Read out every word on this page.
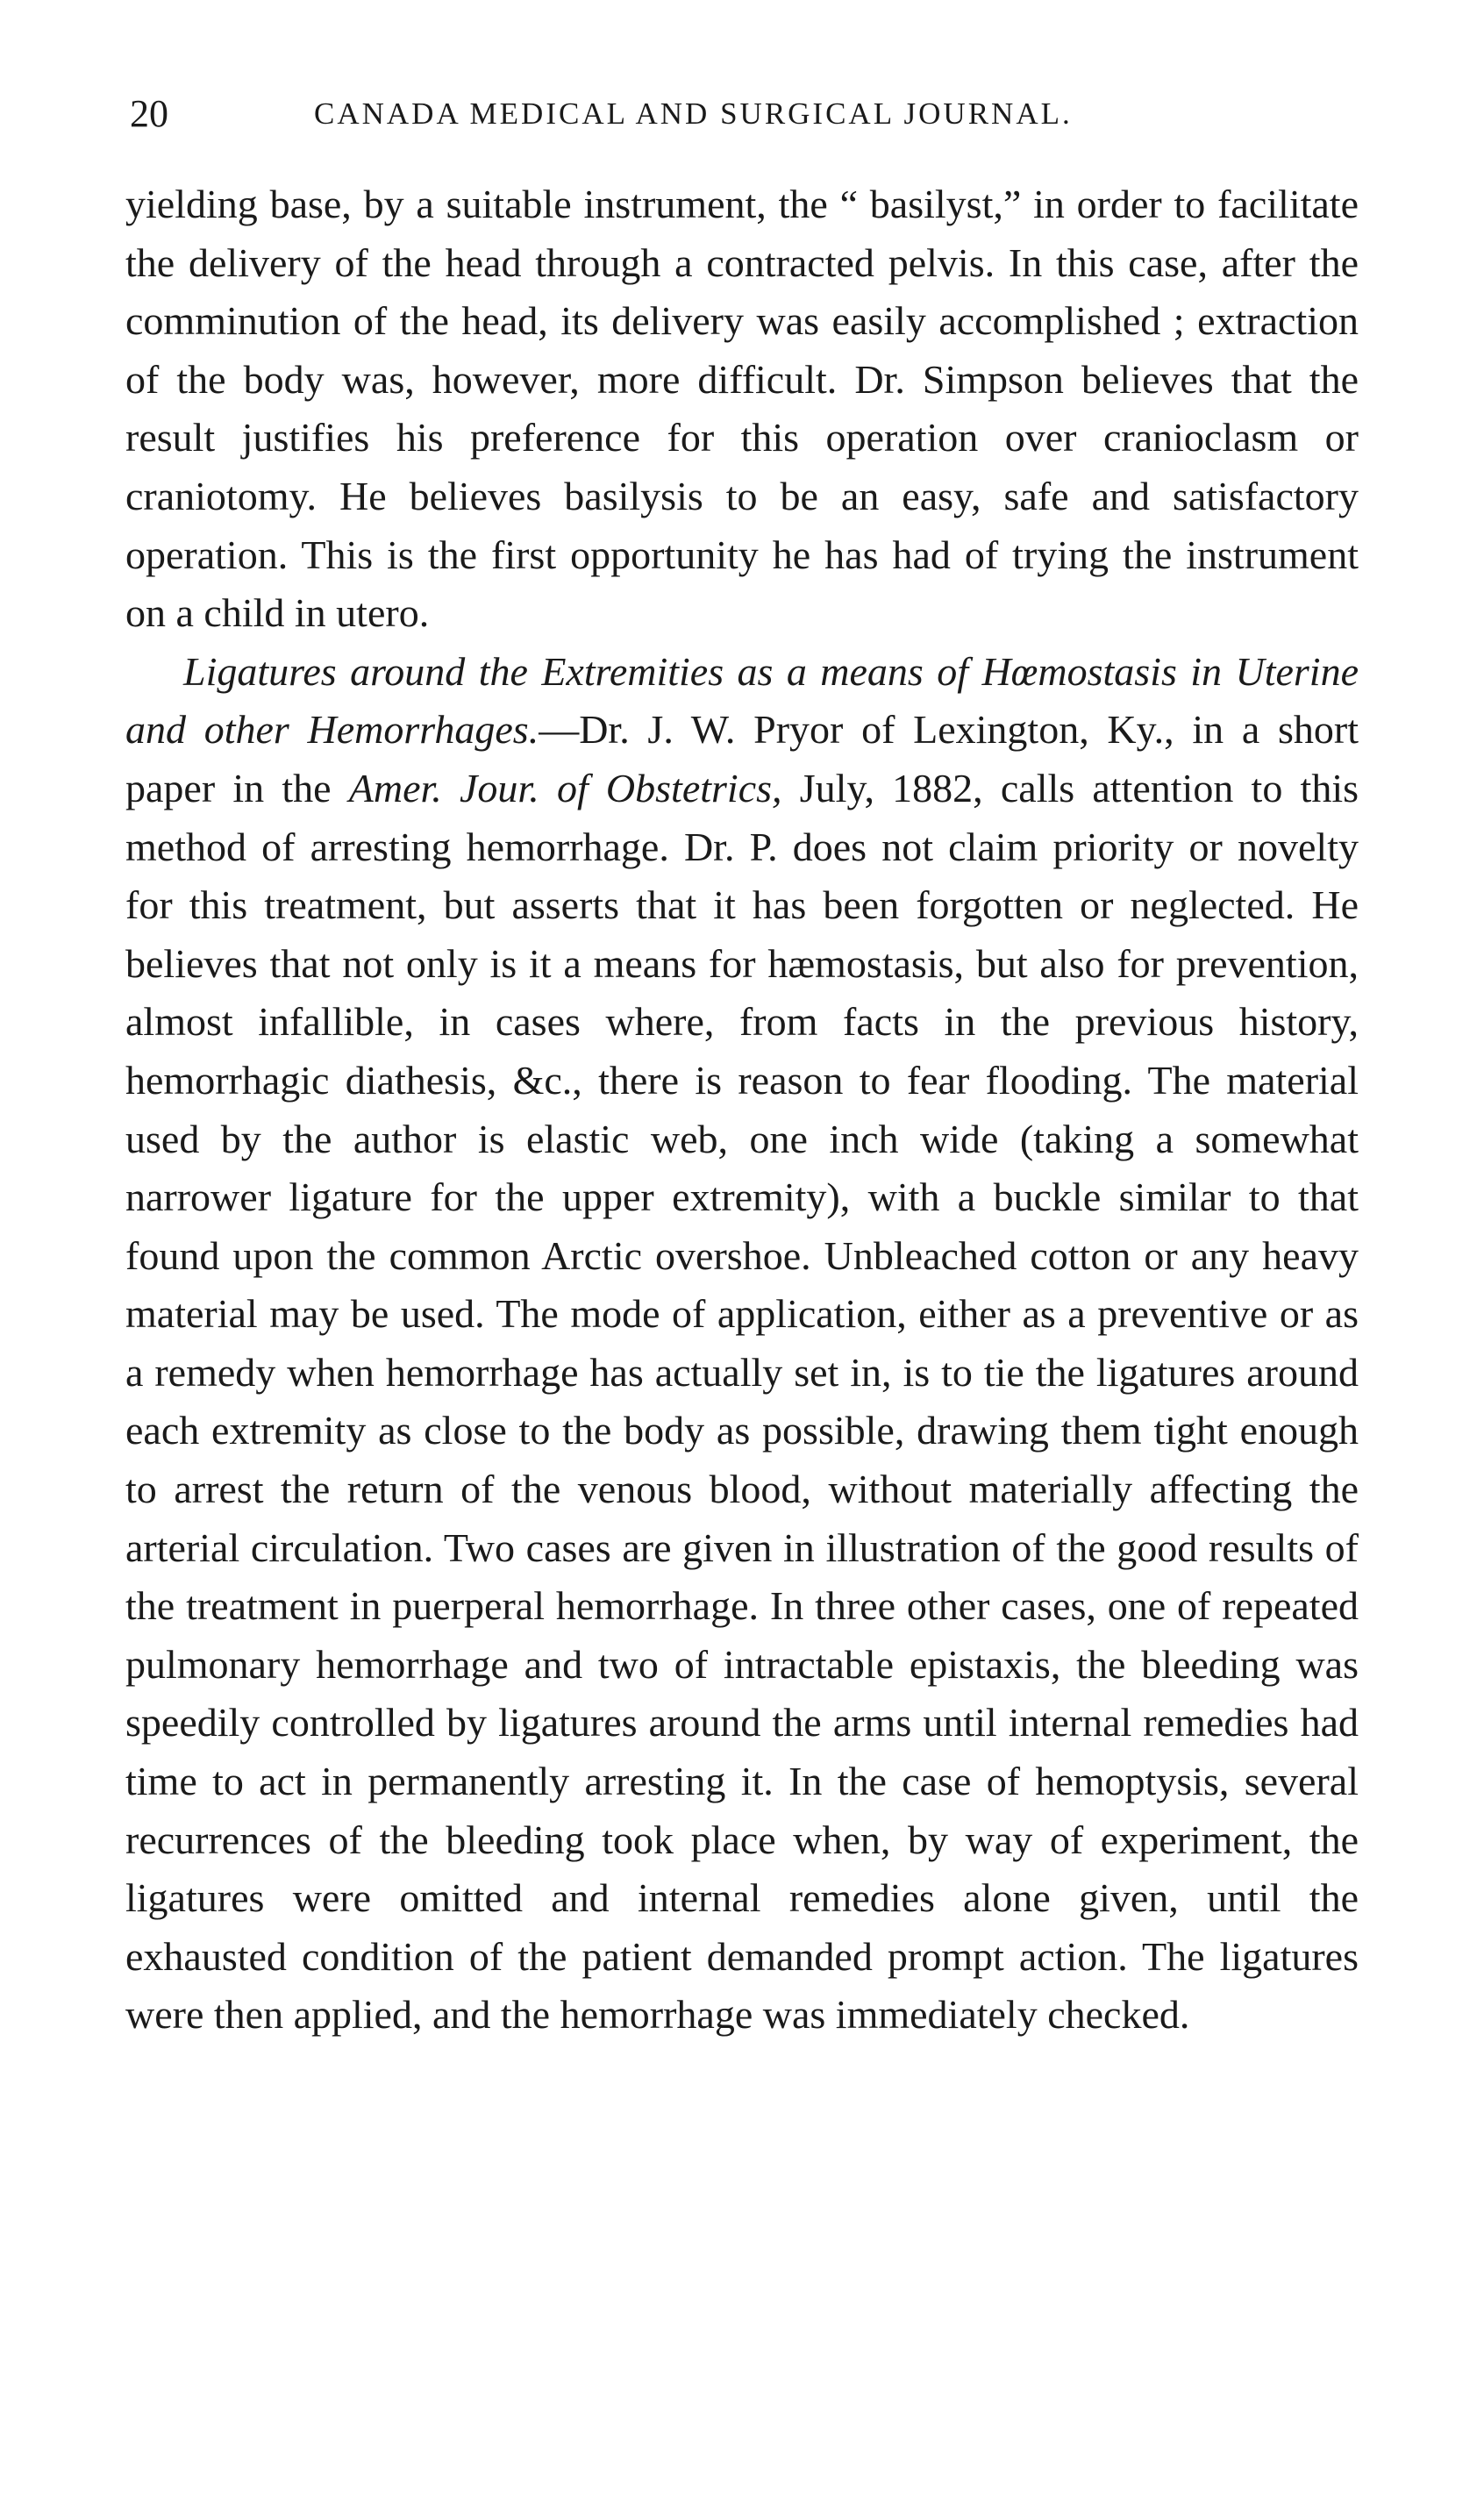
20	CANADA MEDICAL AND SURGICAL JOURNAL.

yielding base, by a suitable instrument, the “ basilyst,” in order to facilitate the delivery of the head through a contracted pelvis. In this case, after the comminution of the head, its delivery was easily accomplished ; extraction of the body was, however, more difficult. Dr. Simpson believes that the result justifies his preference for this operation over cranioclasm or craniotomy. He believes basilysis to be an easy, safe and satisfactory operation. This is the first opportunity he has had of trying the instrument on a child in utero.

Ligatures around the Extremities as a means of Hœmostasis in Uterine and other Hemorrhages.—Dr. J. W. Pryor of Lexington, Ky., in a short paper in the Amer. Jour. of Obstetrics, July, 1882, calls attention to this method of arresting hemorrhage. Dr. P. does not claim priority or novelty for this treatment, but asserts that it has been forgotten or neglected. He believes that not only is it a means for hæmostasis, but also for prevention, almost infallible, in cases where, from facts in the previous history, hemorrhagic diathesis, &c., there is reason to fear flooding. The material used by the author is elastic web, one inch wide (taking a somewhat narrower ligature for the upper extremity), with a buckle similar to that found upon the common Arctic overshoe. Unbleached cotton or any heavy material may be used. The mode of application, either as a preventive or as a remedy when hemorrhage has actually set in, is to tie the ligatures around each extremity as close to the body as possible, drawing them tight enough to arrest the return of the venous blood, without materially affecting the arterial circulation. Two cases are given in illustration of the good results of the treatment in puerperal hemorrhage. In three other cases, one of repeated pulmonary hemorrhage and two of intractable epistaxis, the bleeding was speedily controlled by ligatures around the arms until internal remedies had time to act in permanently arresting it. In the case of hemoptysis, several recurrences of the bleeding took place when, by way of experiment, the ligatures were omitted and internal remedies alone given, until the exhausted condition of the patient demanded prompt action. The ligatures were then applied, and the hemorrhage was immediately checked.
